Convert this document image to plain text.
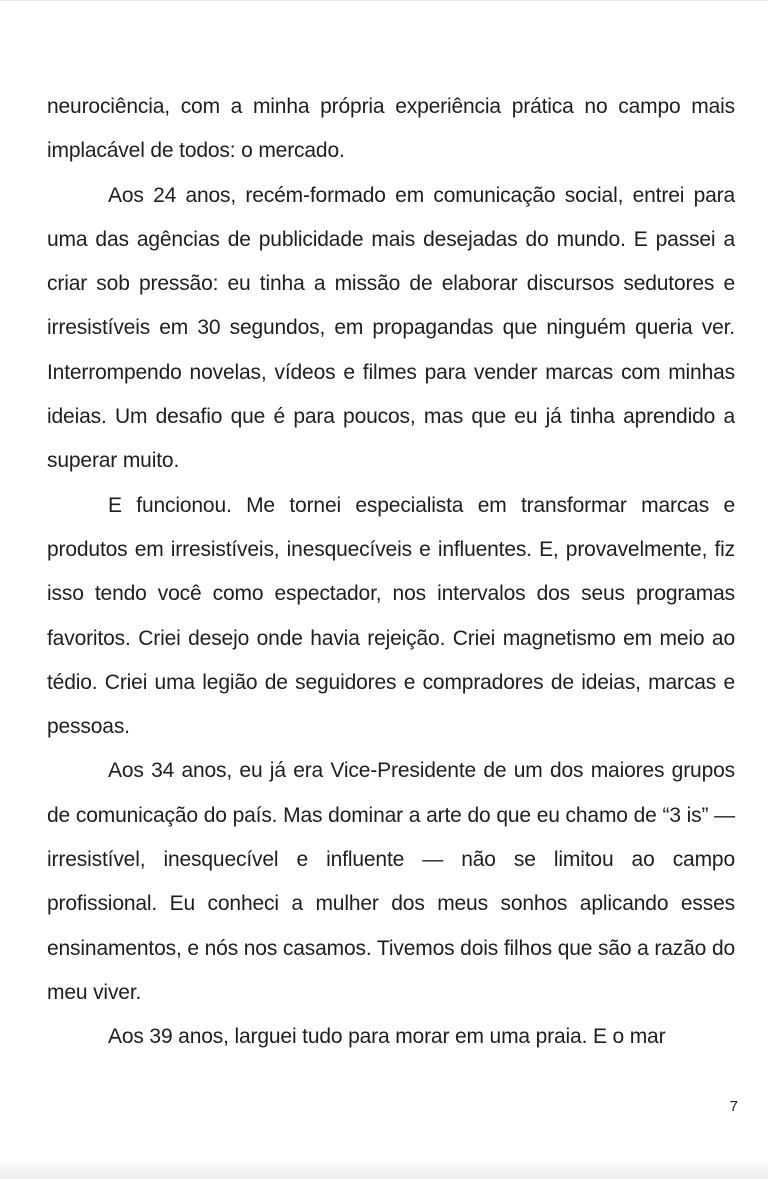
neurociência, com a minha própria experiência prática no campo mais implacável de todos: o mercado.

Aos 24 anos, recém-formado em comunicação social, entrei para uma das agências de publicidade mais desejadas do mundo. E passei a criar sob pressão: eu tinha a missão de elaborar discursos sedutores e irresistíveis em 30 segundos, em propagandas que ninguém queria ver. Interrompendo novelas, vídeos e filmes para vender marcas com minhas ideias. Um desafio que é para poucos, mas que eu já tinha aprendido a superar muito.

E funcionou. Me tornei especialista em transformar marcas e produtos em irresistíveis, inesquecíveis e influentes. E, provavelmente, fiz isso tendo você como espectador, nos intervalos dos seus programas favoritos. Criei desejo onde havia rejeição. Criei magnetismo em meio ao tédio. Criei uma legião de seguidores e compradores de ideias, marcas e pessoas.

Aos 34 anos, eu já era Vice-Presidente de um dos maiores grupos de comunicação do país. Mas dominar a arte do que eu chamo de “3 is” — irresistível, inesquecível e influente — não se limitou ao campo profissional. Eu conheci a mulher dos meus sonhos aplicando esses ensinamentos, e nós nos casamos. Tivemos dois filhos que são a razão do meu viver.

Aos 39 anos, larguei tudo para morar em uma praia. E o mar

7
